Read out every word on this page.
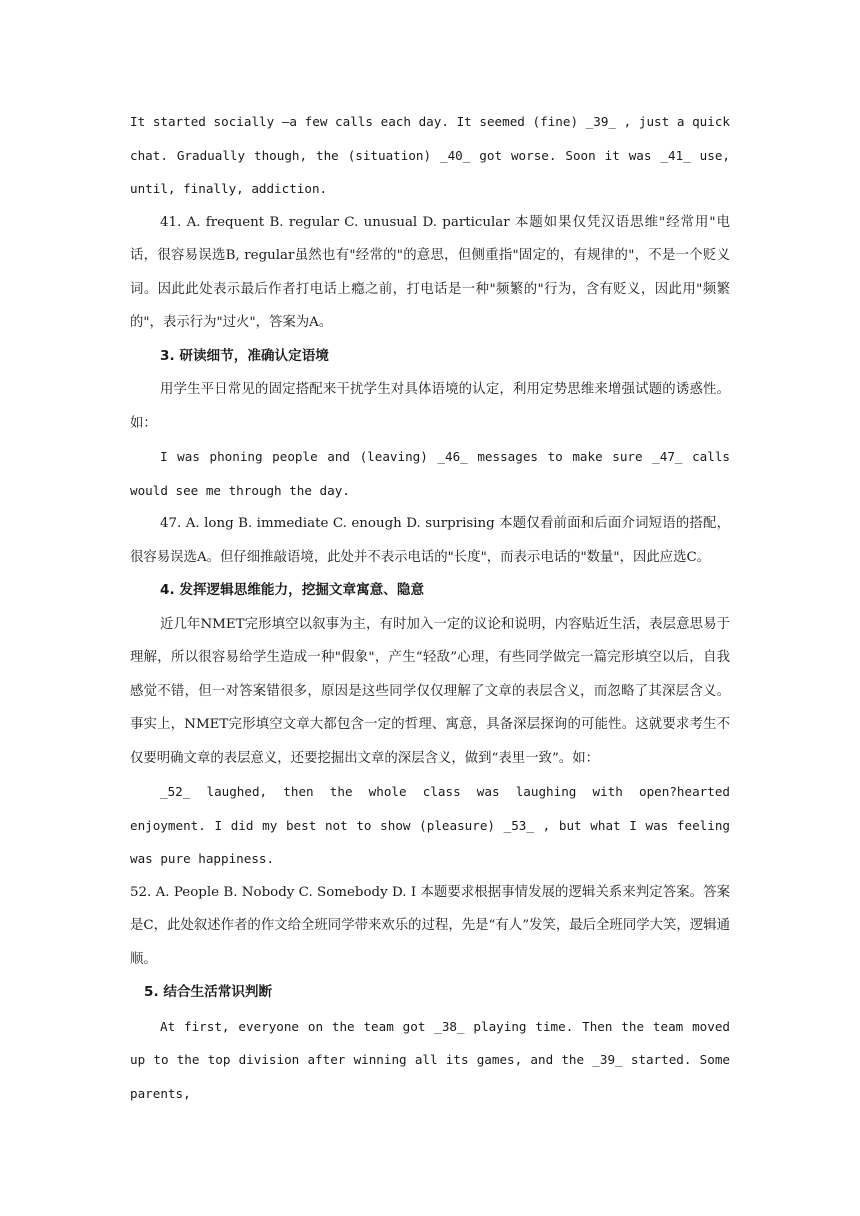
It started socially —a few calls each day. It seemed (fine) _39_ , just a quick chat. Gradually though, the (situation) _40_ got worse. Soon it was _41_ use, until, finally, addiction.

41. A. frequent B. regular C. unusual D. particular 本题如果仅凭汉语思维"经常用"电话，很容易误选B, regular虽然也有"经常的"的意思，但侧重指"固定的，有规律的"，不是一个贬义词。因此此处表示最后作者打电话上瘾之前，打电话是一种"频繁的"行为，含有贬义，因此用"频繁的"，表示行为"过火"，答案为A。

3. 研读细节，准确认定语境

用学生平日常见的固定搭配来干扰学生对具体语境的认定，利用定势思维来增强试题的诱惑性。如：

I was phoning people and (leaving) _46_ messages to make sure _47_ calls would see me through the day.

47. A. long B. immediate C. enough D. surprising 本题仅看前面和后面介词短语的搭配，很容易误选A。但仔细推敲语境，此处并不表示电话的"长度"，而表示电话的"数量"，因此应选C。

4. 发挥逻辑思维能力，挖掘文章寓意、隐意

近几年NMET完形填空以叙事为主，有时加入一定的议论和说明，内容贴近生活，表层意思易于理解，所以很容易给学生造成一种"假象"，产生“轻敌”心理，有些同学做完一篇完形填空以后，自我感觉不错，但一对答案错很多，原因是这些同学仅仅理解了文章的表层含义，而忽略了其深层含义。事实上，NMET完形填空文章大都包含一定的哲理、寓意，具备深层探询的可能性。这就要求考生不仅要明确文章的表层意义，还要挖掘出文章的深层含义，做到“表里一致”。如：

_52_ laughed, then the whole class was laughing with open?hearted enjoyment. I did my best not to show (pleasure) _53_ , but what I was feeling was pure happiness.

52. A. People B. Nobody C. Somebody D. I 本题要求根据事情发展的逻辑关系来判定答案。答案是C，此处叙述作者的作文给全班同学带来欢乐的过程，先是“有人”发笑，最后全班同学大笑，逻辑通顺。

5. 结合生活常识判断

At first, everyone on the team got _38_ playing time. Then the team moved up to the top division after winning all its games, and the _39_ started. Some parents,
